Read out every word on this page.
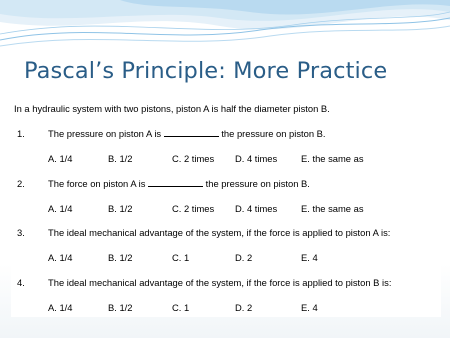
Pascal’s Principle: More Practice
In a hydraulic system with two pistons, piston A is half the diameter piston B.
1. The pressure on piston A is	the pressure on piston B.
A. 1/4	B. 1/2	C. 2 times D. 4 times	E. the same as
2. The force on piston A is	the pressure on piston B.
A. 1/4	B. 1/2	C. 2 times D. 4 times	E. the same as
3. The ideal mechanical advantage of the system, if the force is applied to piston A is:
A. 1/4	B. 1/2	C. 1	D. 2	E. 4
4. The ideal mechanical advantage of the system, if the force is applied to piston B is:
A. 1/4	B. 1/2	C. 1	D. 2	E. 4
